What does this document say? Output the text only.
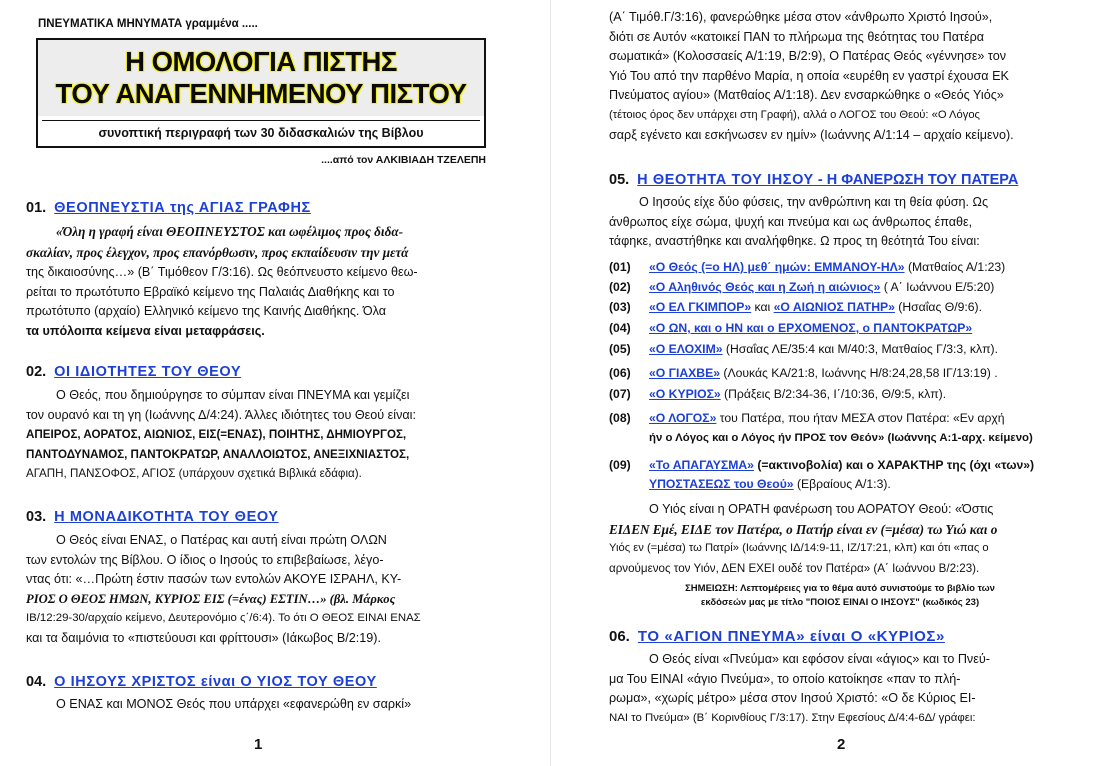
ΠΝΕΥΜΑΤΙΚΑ ΜΗΝΥΜΑΤΑ γραμμένα .....
Η ΟΜΟΛΟΓΙΑ ΠΙΣΤΗΣ
ΤΟΥ ΑΝΑΓΕΝΝΗΜΕΝΟΥ ΠΙΣΤΟΥ
συνοπτική περιγραφή των 30 διδασκαλιών της Βίβλου
....από τον ΑΛΚΙΒΙΑΔΗ ΤΖΕΛΕΠΗ
01. ΘΕΟΠΝΕΥΣΤΙΑ της ΑΓΙΑΣ ΓΡΑΦΗΣ
«Όλη η γραφή είναι ΘΕΟΠΝΕΥΣΤΟΣ και ωφέλιμος προς διδα-
σκαλίαν, προς έλεγχον, προς επανόρθωσιν, προς εκπαίδευσιν την μετά
της δικαιοσύνης…» (Β΄ Τιμόθεον Γ/3:16). Ως θεόπνευστο κείμενο θεω-
ρείται το πρωτότυπο Εβραϊκό κείμενο της Παλαιάς Διαθήκης και το
πρωτότυπο (αρχαίο) Ελληνικό κείμενο της Καινής Διαθήκης. Όλα
τα υπόλοιπα κείμενα είναι μεταφράσεις.
02. ΟΙ ΙΔΙΟΤΗΤΕΣ ΤΟΥ ΘΕΟΥ
Ο Θεός, που δημιούργησε το σύμπαν είναι ΠΝΕΥΜΑ και γεμίζει
τον ουρανό και τη γη (Ιωάννης Δ/4:24). Άλλες ιδιότητες του Θεού είναι:
ΑΠΕΙΡΟΣ, ΑΟΡΑΤΟΣ, ΑΙΩΝΙΟΣ, ΕΙΣ(=ΕΝΑΣ), ΠΟΙΗΤΗΣ, ΔΗΜΙΟΥΡΓΟΣ,
ΠΑΝΤΟΔΥΝΑΜΟΣ, ΠΑΝΤΟΚΡΑΤΩΡ, ΑΝΑΛΛΟΙΩΤΟΣ, ΑΝΕΞΙΧΝΙΑΣΤΟΣ,
ΑΓΑΠΗ, ΠΑΝΣΟΦΟΣ, ΑΓΙΟΣ (υπάρχουν σχετικά Βιβλικά εδάφια).
03. Η ΜΟΝΑΔΙΚΟΤΗΤΑ ΤΟΥ ΘΕΟΥ
Ο Θεός είναι ΕΝΑΣ, ο Πατέρας και αυτή είναι πρώτη ΟΛΩΝ
των εντολών της Βίβλου. Ο ίδιος ο Ιησούς το επιβεβαίωσε, λέγο-
ντας ότι: «…Πρώτη έστιν πασών των εντολών ΑΚΟΥΕ ΙΣΡΑΗΛ, ΚΥ-
ΡΙΟΣ Ο ΘΕΟΣ ΗΜΩΝ, ΚΥΡΙΟΣ ΕΙΣ (=ένας) ΕΣΤΙΝ…» (βλ. Μάρκος
ΙΒ/12:29-30/αρχαίο κείμενο, Δευτερονόμιο ς΄/6:4). Το ότι Ο ΘΕΟΣ ΕΙΝΑΙ ΕΝΑΣ
και τα δαιμόνια το «πιστεύουσι και φρίττουσι» (Ιάκωβος Β/2:19).
04. Ο ΙΗΣΟΥΣ ΧΡΙΣΤΟΣ είναι Ο ΥΙΟΣ ΤΟΥ ΘΕΟΥ
Ο ΕΝΑΣ και ΜΟΝΟΣ Θεός που υπάρχει «εφανερώθη εν σαρκί»
1
(Α΄ Τιμόθ.Γ/3:16), φανερώθηκε μέσα στον «άνθρωπο Χριστό Ιησού»,
διότι σε Αυτόν «κατοικεί ΠΑΝ το πλήρωμα της θεότητας του Πατέρα
σωματικά» (Κολοσσαείς Α/1:19, Β/2:9), Ο Πατέρας Θεός «γέννησε» τον
Υιό Του από την παρθένο Μαρία, η οποία «ευρέθη εν γαστρί έχουσα ΕΚ
Πνεύματος αγίου» (Ματθαίος Α/1:18). Δεν ενσαρκώθηκε ο «Θεός Υιός»
(τέτοιος όρος δεν υπάρχει στη Γραφή), αλλά ο ΛΟΓΟΣ του Θεού: «Ο Λόγος
σαρξ εγένετο και εσκήνωσεν εν ημίν» (Ιωάννης Α/1:14 – αρχαίο κείμενο).
05. Η ΘΕΟΤΗΤΑ ΤΟΥ ΙΗΣΟΥ - Η ΦΑΝΕΡΩΣΗ ΤΟΥ ΠΑΤΕΡΑ
Ο Ιησούς είχε δύο φύσεις, την ανθρώπινη και τη θεία φύση. Ως
άνθρωπος είχε σώμα, ψυχή και πνεύμα και ως άνθρωπος έπαθε,
τάφηκε, αναστήθηκε και αναλήφθηκε. Ω προς τη θεότητά Του είναι:
(01) «Ο Θεός (=ο ΗΛ) μεθ΄ ημών: ΕΜΜΑΝΟΥ-ΗΛ» (Ματθαίος Α/1:23)
(02) «Ο Αληθινός Θεός και η Ζωή η αιώνιος» ( Α΄ Ιωάννου Ε/5:20)
(03) «Ο ΕΛ ΓΚΙΜΠΟΡ» και «Ο ΑΙΩΝΙΟΣ ΠΑΤΗΡ» (Ησαΐας Θ/9:6).
(04) «Ο ΩΝ, και ο ΗΝ και ο ΕΡΧΟΜΕΝΟΣ, ο ΠΑΝΤΟΚΡΑΤΩΡ»
(05) «Ο ΕΛΟΧΙΜ» (Ησαΐας ΛΕ/35:4 και Μ/40:3, Ματθαίος Γ/3:3, κλπ).
(06) «Ο ΓΙΑΧΒΕ» (Λουκάς ΚΑ/21:8, Ιωάννης Η/8:24,28,58 ΙΓ/13:19) .
(07) «Ο ΚΥΡΙΟΣ» (Πράξεις Β/2:34-36, Ι΄/10:36, Θ/9:5, κλπ).
(08) «Ο ΛΟΓΟΣ» του Πατέρα, που ήταν ΜΕΣΑ στον Πατέρα: «Εν αρχή
ήν ο Λόγος και ο Λόγος ήν ΠΡΟΣ τον Θεόν» (Ιωάννης Α:1-αρχ. κείμενο)
(09) «Το ΑΠΑΓΑΥΣΜΑ» (=ακτινοβολία) και ο ΧΑΡΑΚΤΗΡ της (όχι «των»)
ΥΠΟΣΤΑΣΕΩΣ του Θεού» (Εβραίους Α/1:3).
Ο Υιός είναι η ΟΡΑΤΗ φανέρωση του ΑΟΡΑΤΟΥ Θεού: «Όστις
ΕΙΔΕΝ Εμέ, ΕΙΔΕ τον Πατέρα, ο Πατήρ είναι εν (=μέσα) τω Υιώ και ο
Υιός εν (=μέσα) τω Πατρί» (Ιωάννης ΙΔ/14:9-11, ΙΖ/17:21, κλπ) και ότι «πας ο
αρνούμενος τον Υιόν, ΔΕΝ ΕΧΕΙ ουδέ τον Πατέρα» (Α΄ Ιωάννου Β/2:23).
ΣΗΜΕΙΩΣΗ: Λεπτομέρειες για το θέμα αυτό συνιστούμε το βιβλίο των
εκδόσεών μας με τίτλο "ΠΟΙΟΣ ΕΙΝΑΙ Ο ΙΗΣΟΥΣ" (κωδικός 23)
06. ΤΟ «ΑΓΙΟΝ ΠΝΕΥΜΑ» είναι Ο «ΚΥΡΙΟΣ»
Ο Θεός είναι «Πνεύμα» και εφόσον είναι «άγιος» και το Πνεύ-
μα Του ΕΙΝΑΙ «άγιο Πνεύμα», το οποίο κατοίκησε «παν το πλή-
ρωμα», «χωρίς μέτρο» μέσα στον Ιησού Χριστό: «Ο δε Κύριος ΕΙ-
ΝΑΙ το Πνεύμα» (Β΄ Κορινθίους Γ/3:17). Στην Εφεσίους Δ/4:4-6Δ/ γράφει:
2
